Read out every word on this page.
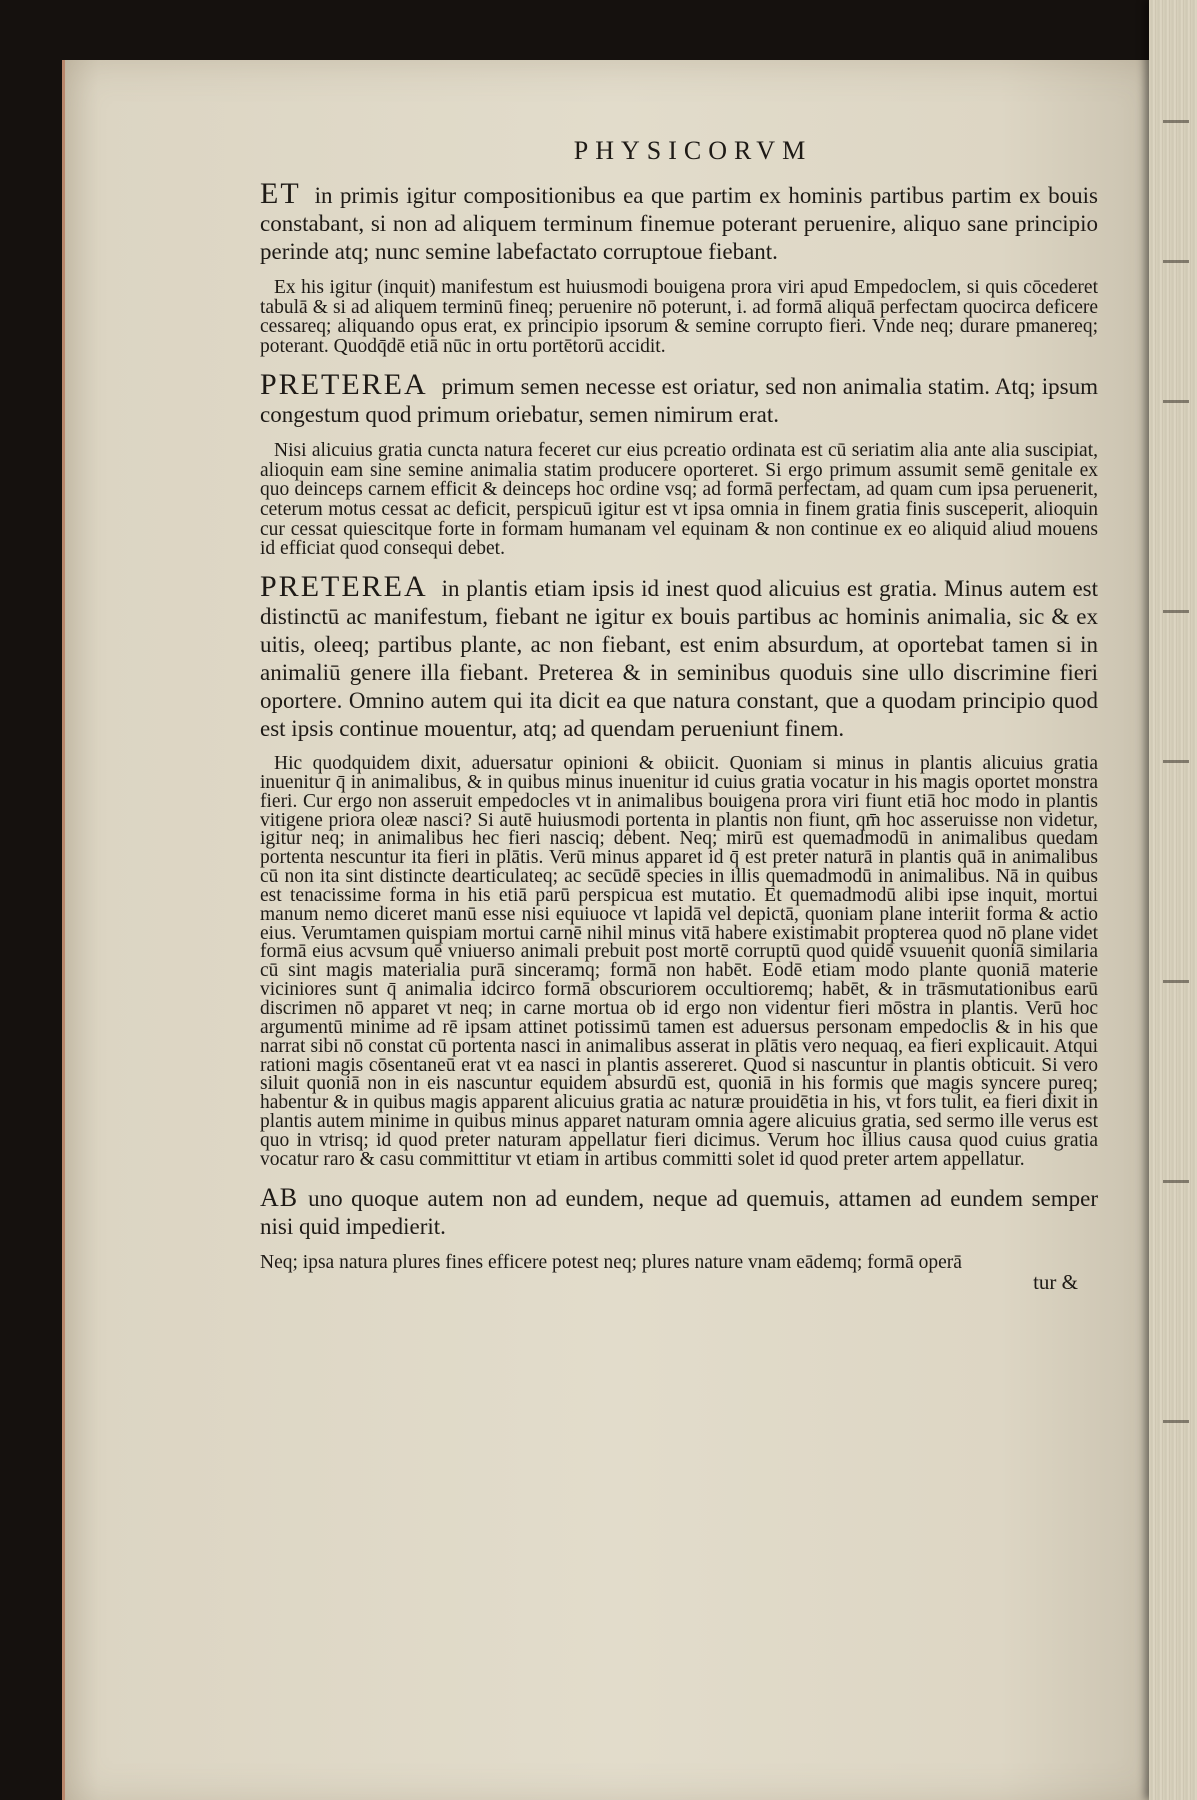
PHYSICORVM

ET in primis igitur compositionibus ea que partim ex hominis partibus partim ex bouis constabant, si non ad aliquem terminum finemue poterant peruenire, aliquo sane principio perinde atq; nunc semine labefactato corruptoue fiebant.

Ex his igitur (inquit) manifestum est huiusmodi bouigena prora viri apud Empedoclem, si quis cōcederet tabulā & si ad aliquem terminū fineq; peruenire nō poterunt, i. ad formā aliquā perfectam quocirca deficere cessareq; aliquando opus erat, ex principio ipsorum & semine corrupto fieri. Vnde neq; durare pmanereq; poterant. Quodq̄dē etiā nūc in ortu portētorū accidit.

PRETEREA primum semen necesse est oriatur, sed non animalia statim. Atq; ipsum congestum quod primum oriebatur, semen nimirum erat.

Nisi alicuius gratia cuncta natura feceret cur eius pcreatio ordinata est cū seriatim alia ante alia suscipiat, alioquin eam sine semine animalia statim producere oporteret. Si ergo primum assumit semē genitale ex quo deinceps carnem efficit & deinceps hoc ordine vsq; ad formā perfectam, ad quam cum ipsa peruenerit, ceterum motus cessat ac deficit, perspicuū igitur est vt ipsa omnia in finem gratia finis susceperit, alioquin cur cessat quiescitque forte in formam humanam vel equinam & non continue ex eo aliquid aliud mouens id efficiat quod consequi debet.

PRETEREA in plantis etiam ipsis id inest quod alicuius est gratia. Minus autem est distinctū ac manifestum, fiebant ne igitur ex bouis partibus ac hominis animalia, sic & ex uitis, oleeq; partibus plante, ac non fiebant, est enim absurdum, at oportebat tamen si in animaliū genere illa fiebant. Preterea & in seminibus quoduis sine ullo discrimine fieri oportere. Omnino autem qui ita dicit ea que natura constant, que a quodam principio quod est ipsis continue mouentur, atq; ad quendam perueniunt finem.

Hic quodquidem dixit, aduersatur opinioni & obiicit. Quoniam si minus in plantis alicuius gratia inuenitur q̄ in animalibus, & in quibus minus inuenitur id cuius gratia vocatur in his magis oportet monstra fieri. Cur ergo non asseruit empedocles vt in animalibus bouigena prora viri fiunt etiā hoc modo in plantis vitigene priora oleæ nasci? Si autē huiusmodi portenta in plantis non fiunt, qm̄ hoc asseruisse non videtur, igitur neq; in animalibus hec fieri nasciq; debent. Neq; mirū est quemadmodū in animalibus quedam portenta nescuntur ita fieri in plātis. Verū minus apparet id q̄ est preter naturā in plantis quā in animalibus cū non ita sint distincte dearticulateq; ac secūdē species in illis quemadmodū in animalibus. Nā in quibus est tenacissime forma in his etiā parū perspicua est mutatio. Et quemadmodū alibi ipse inquit, mortui manum nemo diceret manū esse nisi equiuoce vt lapidā vel depictā, quoniam plane interiit forma & actio eius. Verumtamen quispiam mortui carnē nihil minus vitā habere existimabit propterea quod nō plane videt formā eius acvsum quē vniuerso animali prebuit post mortē corruptū quod quidē vsuuenit quoniā similaria cū sint magis materialia purā sinceramq; formā non habēt. Eodē etiam modo plante quoniā materie viciniores sunt q̄ animalia idcirco formā obscuriorem occultioremq; habēt, & in trāsmutationibus earū discrimen nō apparet vt neq; in carne mortua ob id ergo non videntur fieri mōstra in plantis. Verū hoc argumentū minime ad rē ipsam attinet potissimū tamen est aduersus personam empedoclis & in his que narrat sibi nō constat cū portenta nasci in animalibus asserat in plātis vero nequaq, ea fieri explicauit. Atqui rationi magis cōsentaneū erat vt ea nasci in plantis assereret. Quod si nascuntur in plantis obticuit. Si vero siluit quoniā non in eis nascuntur equidem absurdū est, quoniā in his formis que magis syncere pureq; habentur & in quibus magis apparent alicuius gratia ac naturæ prouidētia in his, vt fors tulit, ea fieri dixit in plantis autem minime in quibus minus apparet naturam omnia agere alicuius gratia, sed sermo ille verus est quo in vtrisq; id quod preter naturam appellatur fieri dicimus. Verum hoc illius causa quod cuius gratia vocatur raro & casu committitur vt etiam in artibus committi solet id quod preter artem appellatur.

AB uno quoque autem non ad eundem, neque ad quemuis, attamen ad eundem semper nisi quid impedierit.

Neq; ipsa natura plures fines efficere potest neq; plures nature vnam eādemq; formā operā

tur &
